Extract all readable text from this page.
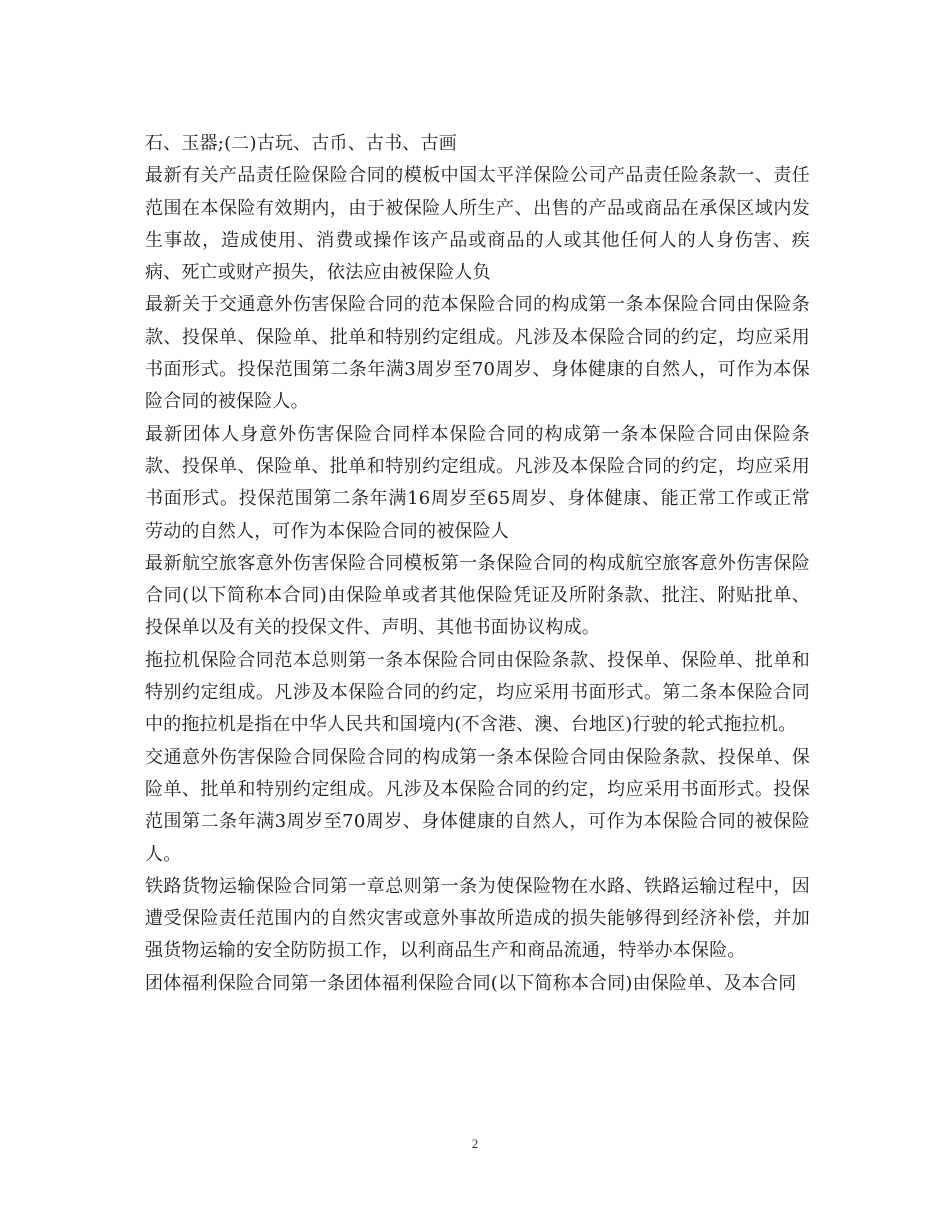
石、玉器;(二)古玩、古币、古书、古画

最新有关产品责任险保险合同的模板中国太平洋保险公司产品责任险条款一、责任范围在本保险有效期内，由于被保险人所生产、出售的产品或商品在承保区域内发生事故，造成使用、消费或操作该产品或商品的人或其他任何人的人身伤害、疾病、死亡或财产损失，依法应由被保险人负

最新关于交通意外伤害保险合同的范本保险合同的构成第一条本保险合同由保险条款、投保单、保险单、批单和特别约定组成。凡涉及本保险合同的约定，均应采用书面形式。投保范围第二条年满3周岁至70周岁、身体健康的自然人，可作为本保险合同的被保险人。

最新团体人身意外伤害保险合同样本保险合同的构成第一条本保险合同由保险条款、投保单、保险单、批单和特别约定组成。凡涉及本保险合同的约定，均应采用书面形式。投保范围第二条年满16周岁至65周岁、身体健康、能正常工作或正常劳动的自然人，可作为本保险合同的被保险人

最新航空旅客意外伤害保险合同模板第一条保险合同的构成航空旅客意外伤害保险合同(以下简称本合同)由保险单或者其他保险凭证及所附条款、批注、附贴批单、投保单以及有关的投保文件、声明、其他书面协议构成。

拖拉机保险合同范本总则第一条本保险合同由保险条款、投保单、保险单、批单和特别约定组成。凡涉及本保险合同的约定，均应采用书面形式。第二条本保险合同中的拖拉机是指在中华人民共和国境内(不含港、澳、台地区)行驶的轮式拖拉机。

交通意外伤害保险合同保险合同的构成第一条本保险合同由保险条款、投保单、保险单、批单和特别约定组成。凡涉及本保险合同的约定，均应采用书面形式。投保范围第二条年满3周岁至70周岁、身体健康的自然人，可作为本保险合同的被保险人。

铁路货物运输保险合同第一章总则第一条为使保险物在水路、铁路运输过程中，因遭受保险责任范围内的自然灾害或意外事故所造成的损失能够得到经济补偿，并加强货物运输的安全防防损工作，以利商品生产和商品流通，特举办本保险。

团体福利保险合同第一条团体福利保险合同(以下简称本合同)由保险单、及本合同

2
